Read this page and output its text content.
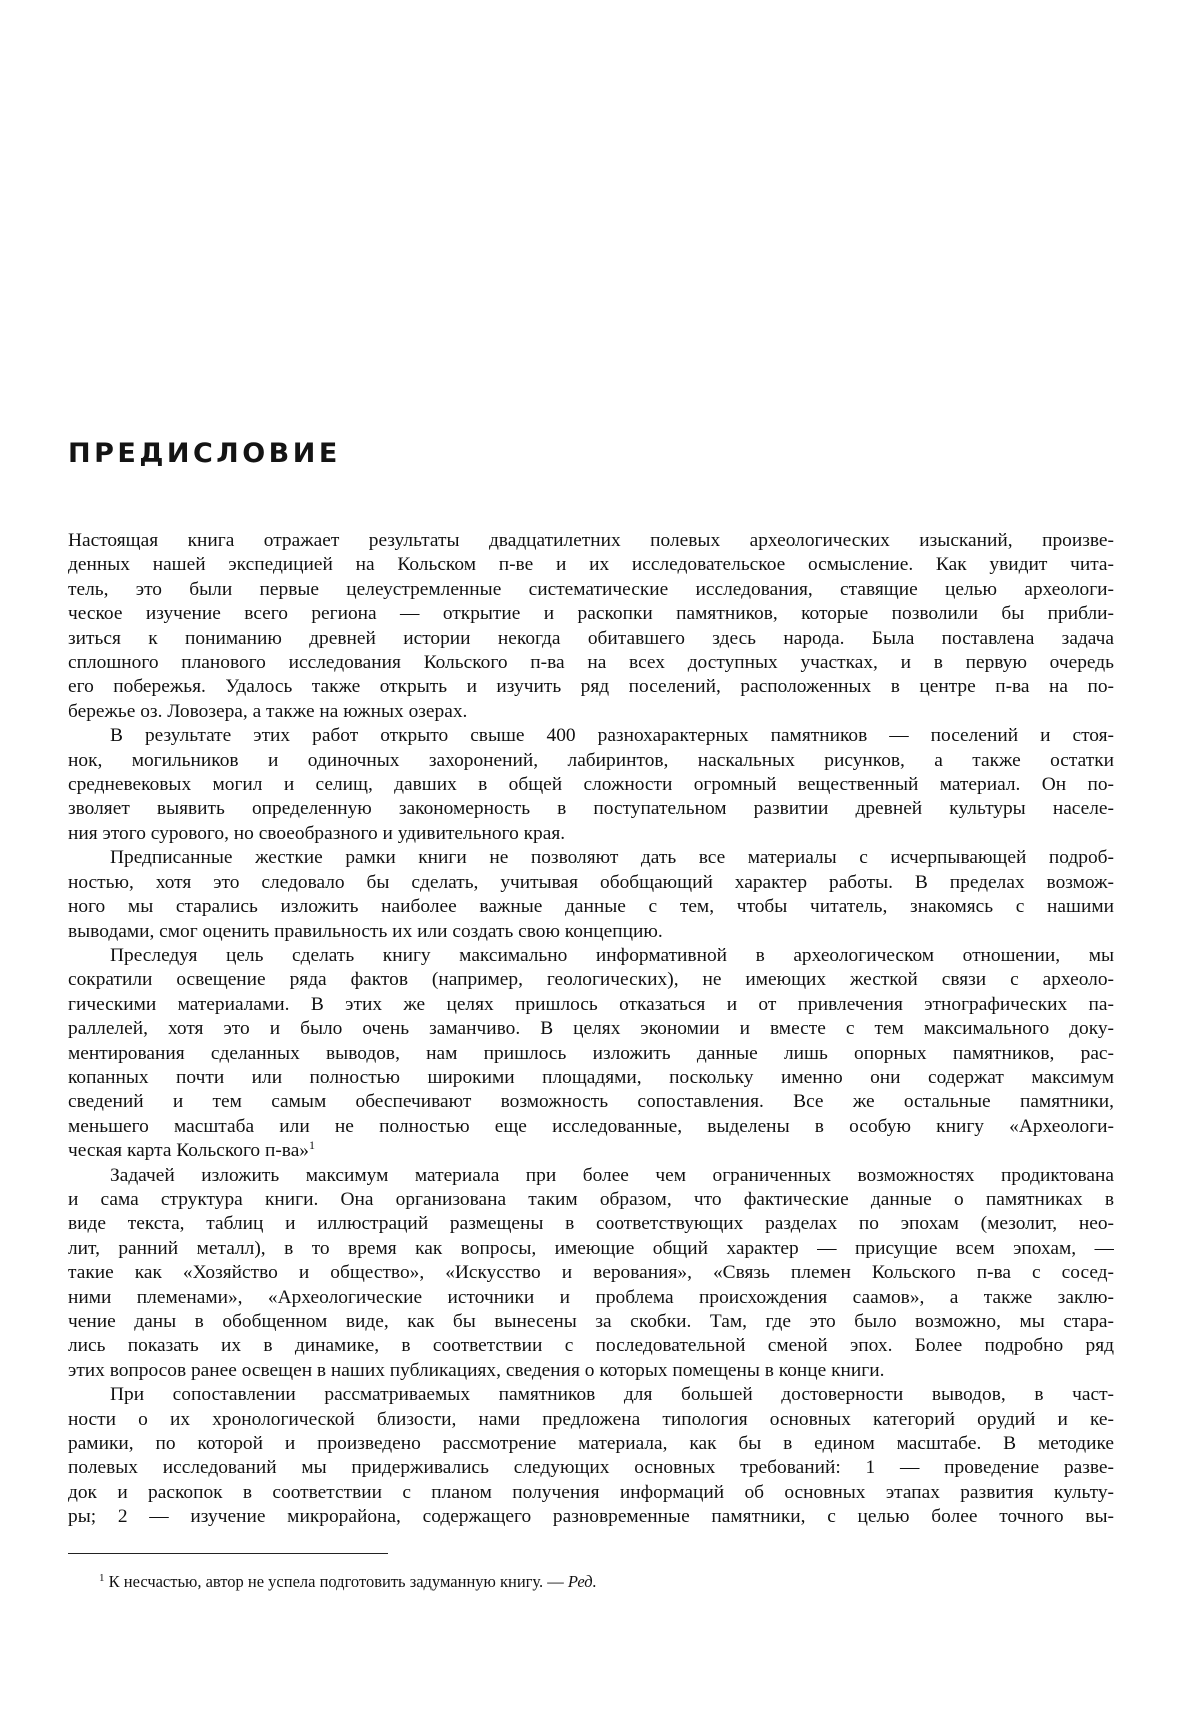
ПРЕДИСЛОВИЕ
Настоящая книга отражает результаты двадцатилетних полевых археологических изысканий, произве-
денных нашей экспедицией на Кольском п-ве и их исследовательское осмысление. Как увидит чита-
тель, это были первые целеустремленные систематические исследования, ставящие целью археологи-
ческое изучение всего региона — открытие и раскопки памятников, которые позволили бы прибли-
зиться к пониманию древней истории некогда обитавшего здесь народа. Была поставлена задача
сплошного планового исследования Кольского п-ва на всех доступных участках, и в первую очередь
его побережья. Удалось также открыть и изучить ряд поселений, расположенных в центре п-ва на по-
бережье оз. Ловозера, а также на южных озерах.
В результате этих работ открыто свыше 400 разнохарактерных памятников — поселений и стоя-
нок, могильников и одиночных захоронений, лабиринтов, наскальных рисунков, а также остатки
средневековых могил и селищ, давших в общей сложности огромный вещественный материал. Он по-
зволяет выявить определенную закономерность в поступательном развитии древней культуры населе-
ния этого сурового, но своеобразного и удивительного края.
Предписанные жесткие рамки книги не позволяют дать все материалы с исчерпывающей подроб-
ностью, хотя это следовало бы сделать, учитывая обобщающий характер работы. В пределах возмож-
ного мы старались изложить наиболее важные данные с тем, чтобы читатель, знакомясь с нашими
выводами, смог оценить правильность их или создать свою концепцию.
Преследуя цель сделать книгу максимально информативной в археологическом отношении, мы
сократили освещение ряда фактов (например, геологических), не имеющих жесткой связи с археоло-
гическими материалами. В этих же целях пришлось отказаться и от привлечения этнографических па-
раллелей, хотя это и было очень заманчиво. В целях экономии и вместе с тем максимального доку-
ментирования сделанных выводов, нам пришлось изложить данные лишь опорных памятников, рас-
копанных почти или полностью широкими площадями, поскольку именно они содержат максимум
сведений и тем самым обеспечивают возможность сопоставления. Все же остальные памятники,
меньшего масштаба или не полностью еще исследованные, выделены в особую книгу «Археологи-
ческая карта Кольского п-ва»$^1$
Задачей изложить максимум материала при более чем ограниченных возможностях продиктована
и сама структура книги. Она организована таким образом, что фактические данные о памятниках в
виде текста, таблиц и иллюстраций размещены в соответствующих разделах по эпохам (мезолит, нео-
лит, ранний металл), в то время как вопросы, имеющие общий характер — присущие всем эпохам, —
такие как «Хозяйство и общество», «Искусство и верования», «Связь племен Кольского п-ва с сосед-
ними племенами», «Археологические источники и проблема происхождения саамов», а также заклю-
чение даны в обобщенном виде, как бы вынесены за скобки. Там, где это было возможно, мы стара-
лись показать их в динамике, в соответствии с последовательной сменой эпох. Более подробно ряд
этих вопросов ранее освещен в наших публикациях, сведения о которых помещены в конце книги.
При сопоставлении рассматриваемых памятников для большей достоверности выводов, в част-
ности о их хронологической близости, нами предложена типология основных категорий орудий и ке-
рамики, по которой и произведено рассмотрение материала, как бы в едином масштабе. В методике
полевых исследований мы придерживались следующих основных требований: 1 — проведение разве-
док и раскопок в соответствии с планом получения информаций об основных этапах развития культу-
ры; 2 — изучение микрорайона, содержащего разновременные памятники, с целью более точного вы-
$^1$ К несчастью, автор не успела подготовить задуманную книгу. — Ред.
